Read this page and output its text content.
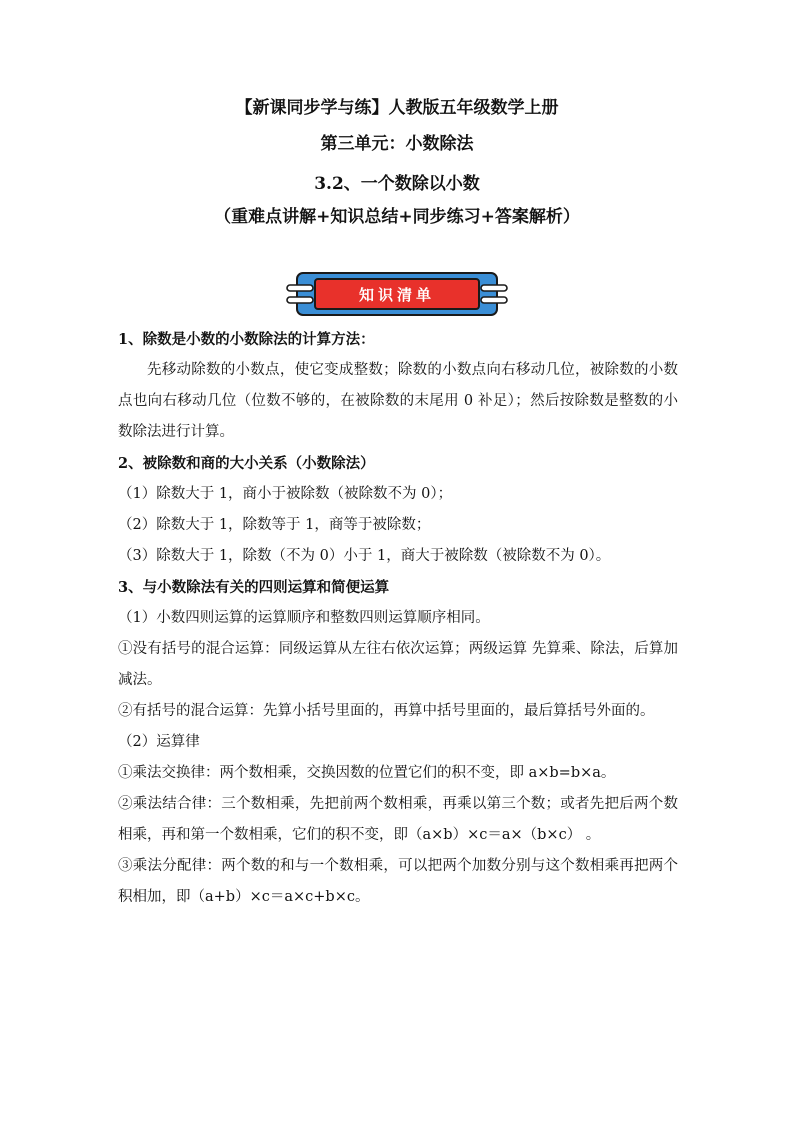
【新课同步学与练】人教版五年级数学上册
第三单元：小数除法
3.2、一个数除以小数
（重难点讲解+知识总结+同步练习+答案解析）
知识清单

1、除数是小数的小数除法的计算方法：

先移动除数的小数点，使它变成整数；除数的小数点向右移动几位，被除数的小数点也向右移动几位（位数不够的，在被除数的末尾用 0 补足）；然后按除数是整数的小数除法进行计算。

2、被除数和商的大小关系（小数除法）

（1）除数大于 1，商小于被除数（被除数不为 0）；

（2）除数大于 1，除数等于 1，商等于被除数；

（3）除数大于 1，除数（不为 0）小于 1，商大于被除数（被除数不为 0）。

3、与小数除法有关的四则运算和简便运算

（1）小数四则运算的运算顺序和整数四则运算顺序相同。

①没有括号的混合运算：同级运算从左往右依次运算；两级运算 先算乘、除法，后算加减法。

②有括号的混合运算：先算小括号里面的，再算中括号里面的，最后算括号外面的。

（2）运算律

①乘法交换律：两个数相乘，交换因数的位置它们的积不变，即 a×b=b×a。

②乘法结合律：三个数相乘，先把前两个数相乘，再乘以第三个数；或者先把后两个数相乘，再和第一个数相乘，它们的积不变，即（a×b）×c＝a×（b×c） 。

③乘法分配律：两个数的和与一个数相乘，可以把两个加数分别与这个数相乘再把两个积相加，即（a+b）×c＝a×c+b×c。
